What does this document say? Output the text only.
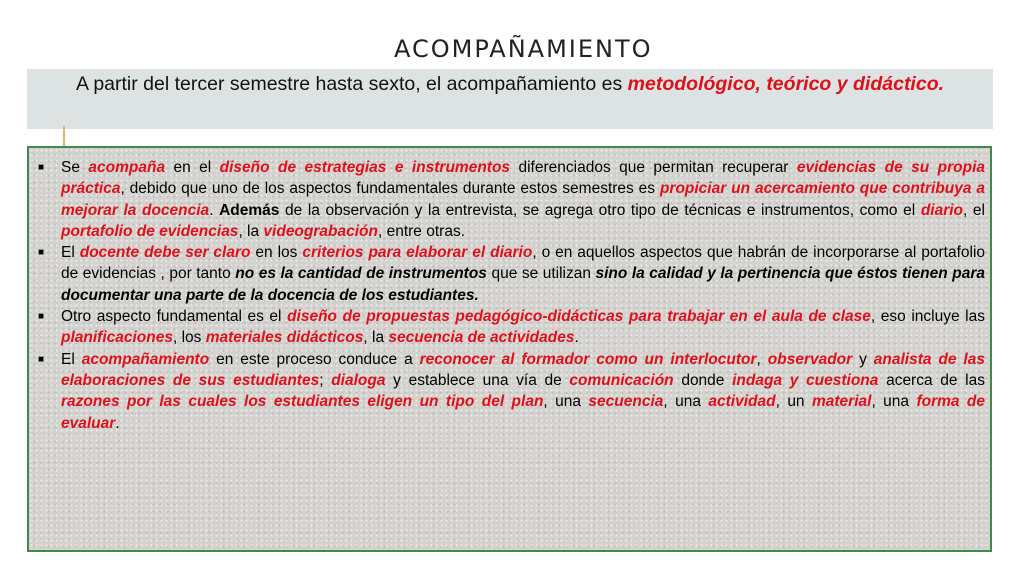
ACOMPAÑAMIENTO
A partir del tercer semestre hasta sexto, el acompañamiento es metodológico, teórico y didáctico.
■ Se acompaña en el diseño de estrategias e instrumentos diferenciados que permitan recuperar evidencias de su propia práctica, debido que uno de los aspectos fundamentales durante estos semestres es propiciar un acercamiento que contribuya a mejorar la docencia. Además de la observación y la entrevista, se agrega otro tipo de técnicas e instrumentos, como el diario, el portafolio de evidencias, la videograbación, entre otras.
■ El docente debe ser claro en los criterios para elaborar el diario, o en aquellos aspectos que habrán de incorporarse al portafolio de evidencias , por tanto no es la cantidad de instrumentos que se utilizan sino la calidad y la pertinencia que éstos tienen para documentar una parte de la docencia de los estudiantes.
■ Otro aspecto fundamental es el diseño de propuestas pedagógico-didácticas para trabajar en el aula de clase, eso incluye las planificaciones, los materiales didácticos, la secuencia de actividades.
■ El acompañamiento en este proceso conduce a reconocer al formador como un interlocutor, observador y analista de las elaboraciones de sus estudiantes; dialoga y establece una vía de comunicación donde indaga y cuestiona acerca de las razones por las cuales los estudiantes eligen un tipo del plan, una secuencia, una actividad, un material, una forma de evaluar.
